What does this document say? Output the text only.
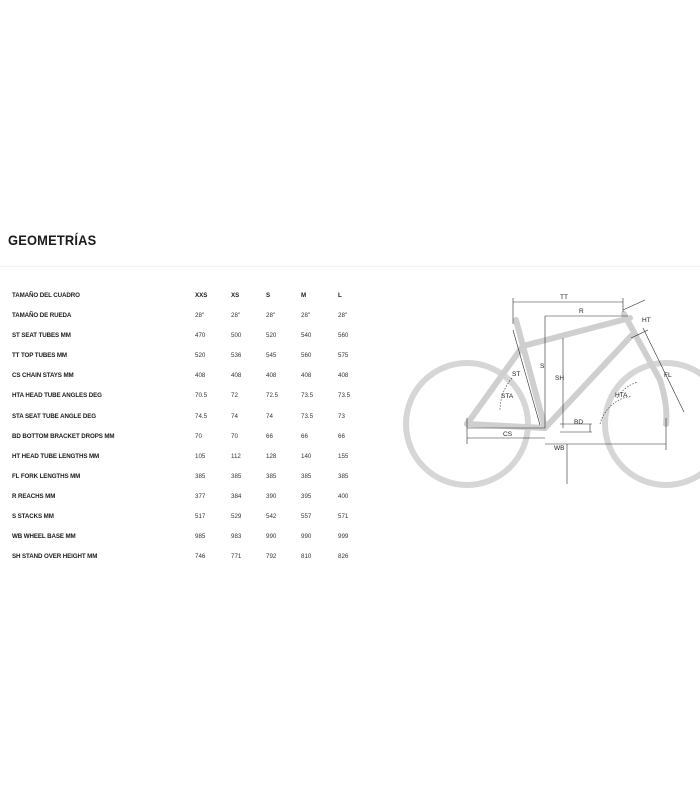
GEOMETRÍAS
TAMAÑO DEL CUADRO	XXS	XS	S	M	L
TAMAÑO DE RUEDA	28"	28"	28"	28"	28"
ST SEAT TUBES MM	470	500	520	540	560
TT TOP TUBES MM	520	536	545	560	575
CS CHAIN STAYS MM	408	408	408	408	408
HTA HEAD TUBE ANGLES DEG	70.5	72	72.5	73.5	73.5
STA SEAT TUBE ANGLE DEG	74.5	74	74	73.5	73
BD BOTTOM BRACKET DROPS MM	70	70	66	66	66
HT HEAD TUBE LENGTHS MM	105	112	128	140	155
FL FORK LENGTHS MM	385	385	385	385	385
R REACHS MM	377	384	390	395	400
S STACKS MM	517	529	542	557	571
WB WHEEL BASE MM	985	983	990	990	999
SH STAND OVER HEIGHT MM	746	771	792	810	826
TT
R
HT
ST
S
SH	FL
STA	HTA
BD
CS
WB
